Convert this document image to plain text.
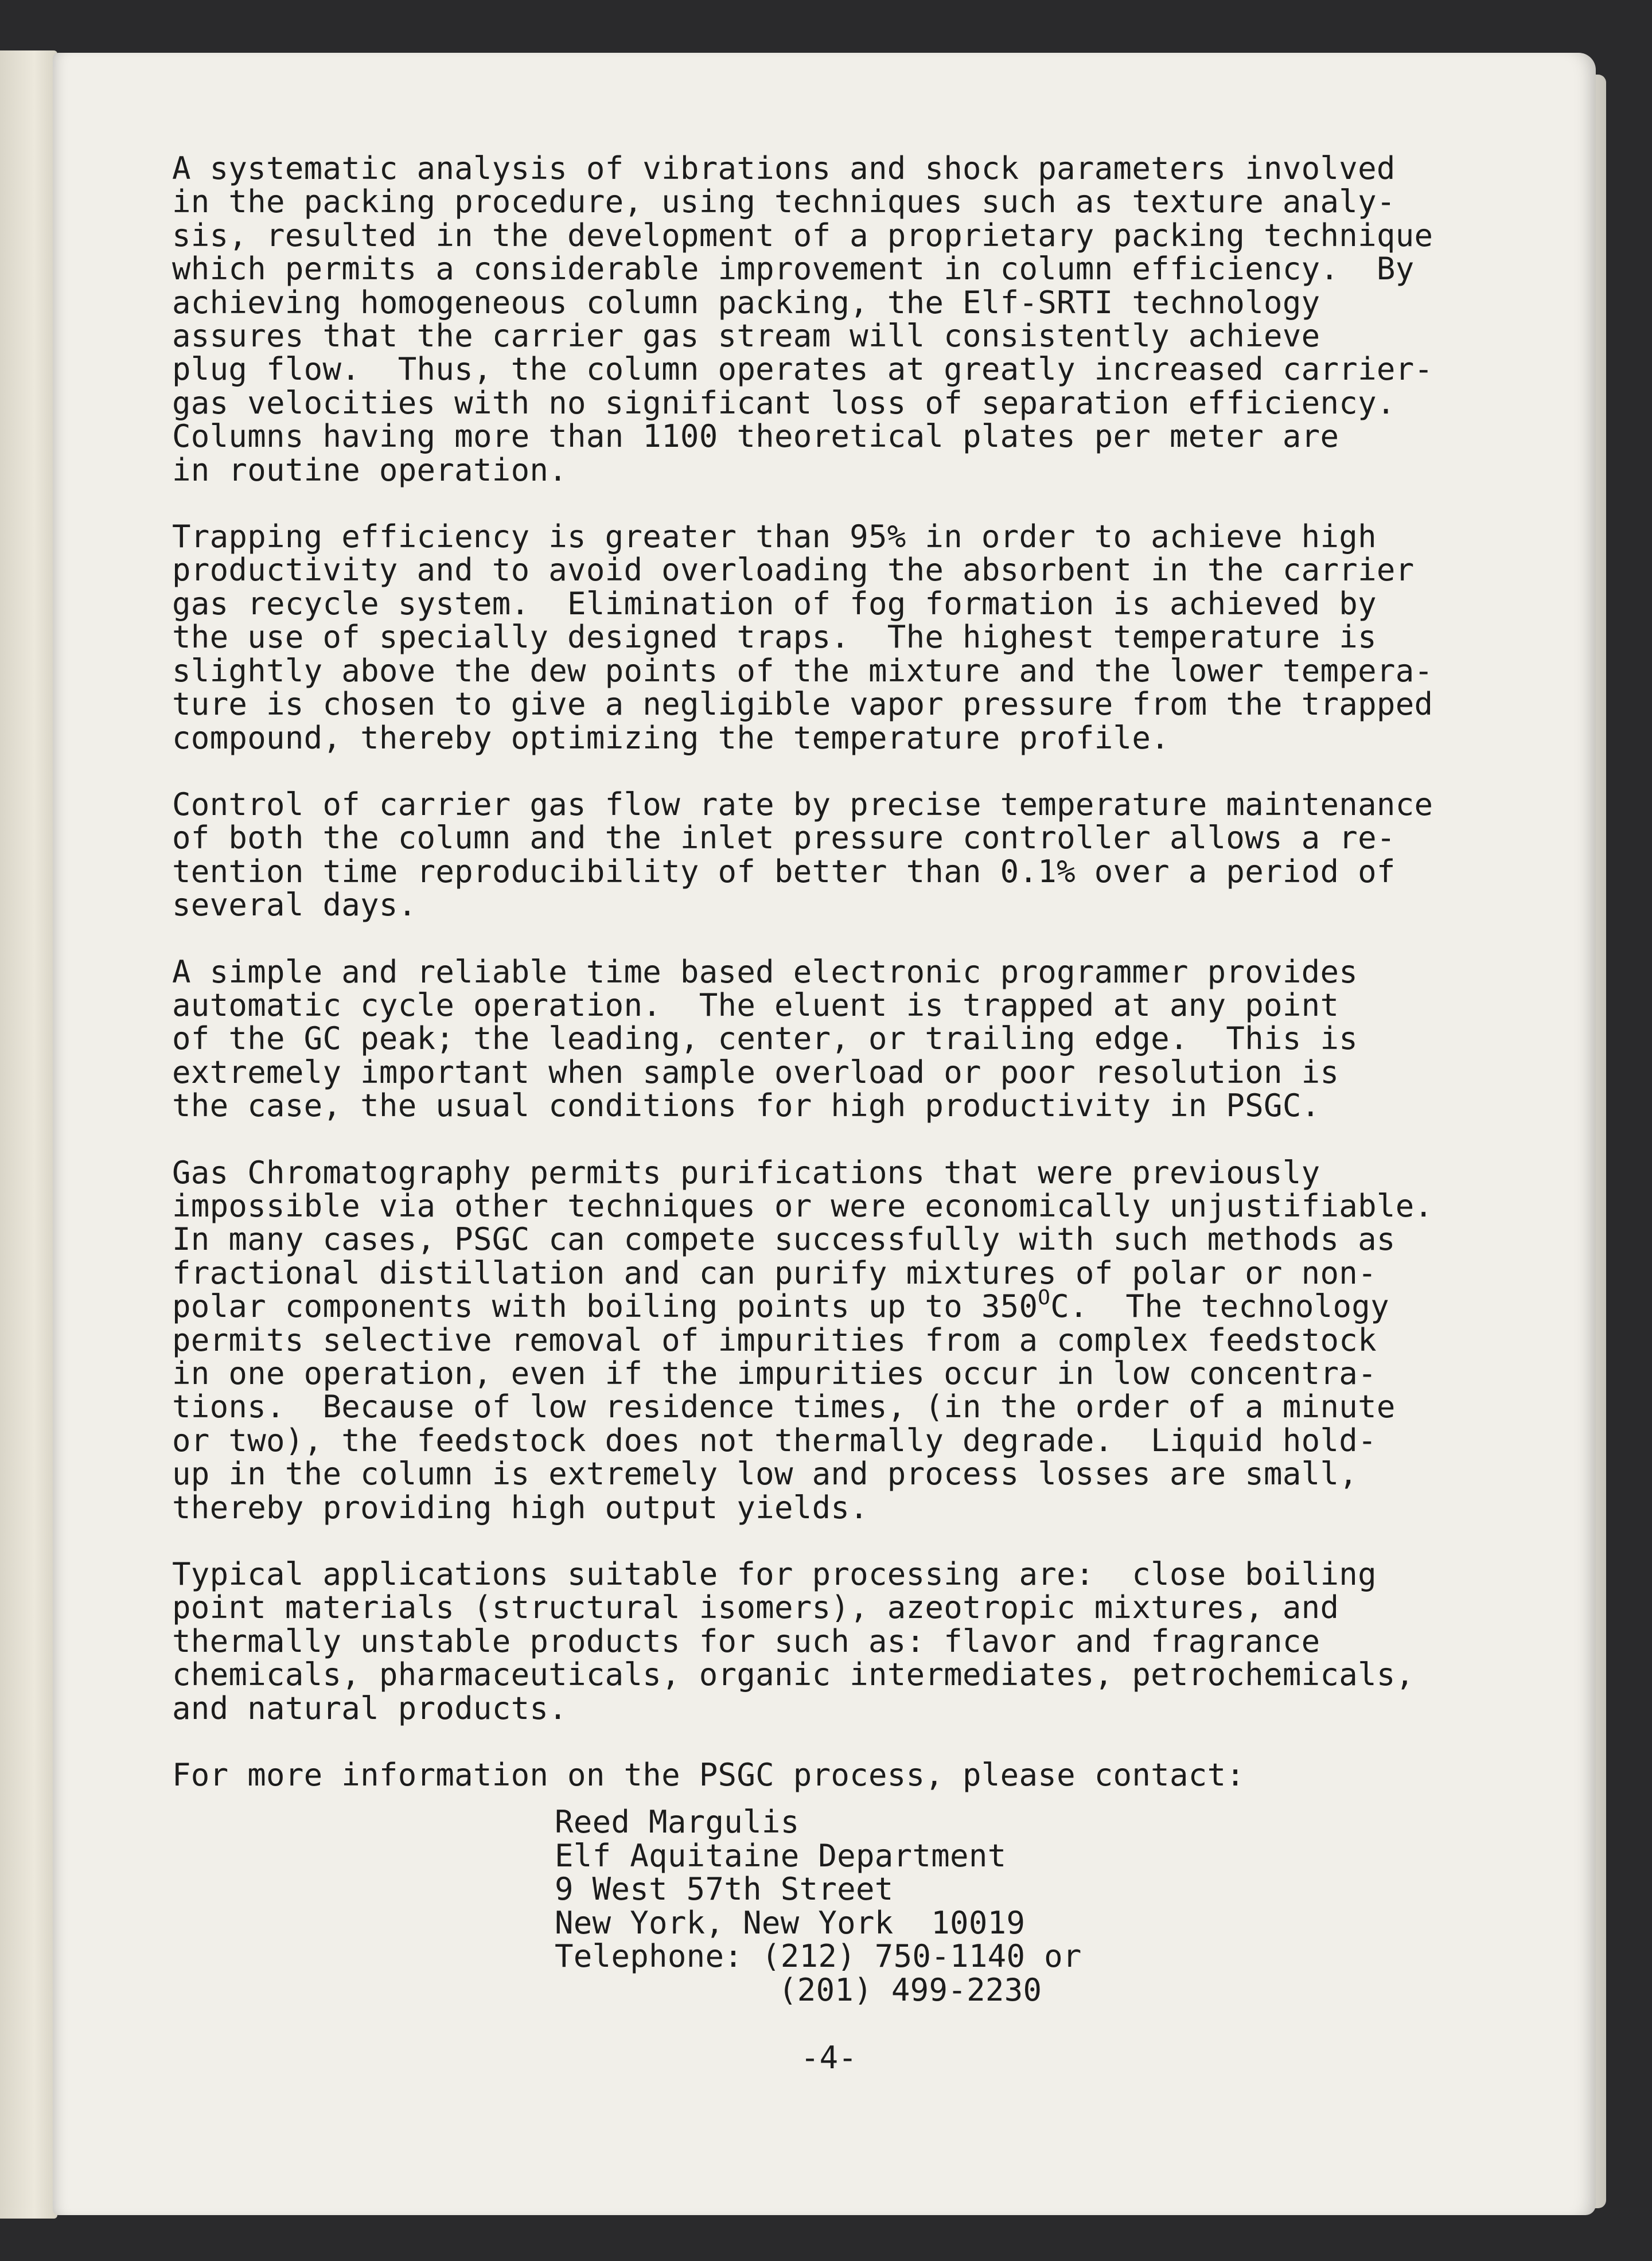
A systematic analysis of vibrations and shock parameters involved
in the packing procedure, using techniques such as texture analy-
sis, resulted in the development of a proprietary packing technique
which permits a considerable improvement in column efficiency.  By
achieving homogeneous column packing, the Elf-SRTI technology
assures that the carrier gas stream will consistently achieve
plug flow.  Thus, the column operates at greatly increased carrier-
gas velocities with no significant loss of separation efficiency.
Columns having more than 1100 theoretical plates per meter are
in routine operation.
Trapping efficiency is greater than 95% in order to achieve high
productivity and to avoid overloading the absorbent in the carrier
gas recycle system.  Elimination of fog formation is achieved by
the use of specially designed traps.  The highest temperature is
slightly above the dew points of the mixture and the lower tempera-
ture is chosen to give a negligible vapor pressure from the trapped
compound, thereby optimizing the temperature profile.
Control of carrier gas flow rate by precise temperature maintenance
of both the column and the inlet pressure controller allows a re-
tention time reproducibility of better than 0.1% over a period of
several days.
A simple and reliable time based electronic programmer provides
automatic cycle operation.  The eluent is trapped at any point
of the GC peak; the leading, center, or trailing edge.  This is
extremely important when sample overload or poor resolution is
the case, the usual conditions for high productivity in PSGC.
Gas Chromatography permits purifications that were previously
impossible via other techniques or were economically unjustifiable.
In many cases, PSGC can compete successfully with such methods as
fractional distillation and can purify mixtures of polar or non-
polar components with boiling points up to $350^OC$.  The technology
permits selective removal of impurities from a complex feedstock
in one operation, even if the impurities occur in low concentra-
tions.  Because of low residence times, (in the order of a minute
or two), the feedstock does not thermally degrade.  Liquid hold-
up in the column is extremely low and process losses are small,
thereby providing high output yields.
Typical applications suitable for processing are:  close boiling
point materials (structural isomers), azeotropic mixtures, and
thermally unstable products for such as: flavor and fragrance
chemicals, pharmaceuticals, organic intermediates, petrochemicals,
and natural products.
For more information on the PSGC process, please contact:
Reed Margulis
Elf Aquitaine Department
9 West 57th Street
New York, New York  10019
Telephone: (212) 750-1140 or
(201) 499-2230
-4-
